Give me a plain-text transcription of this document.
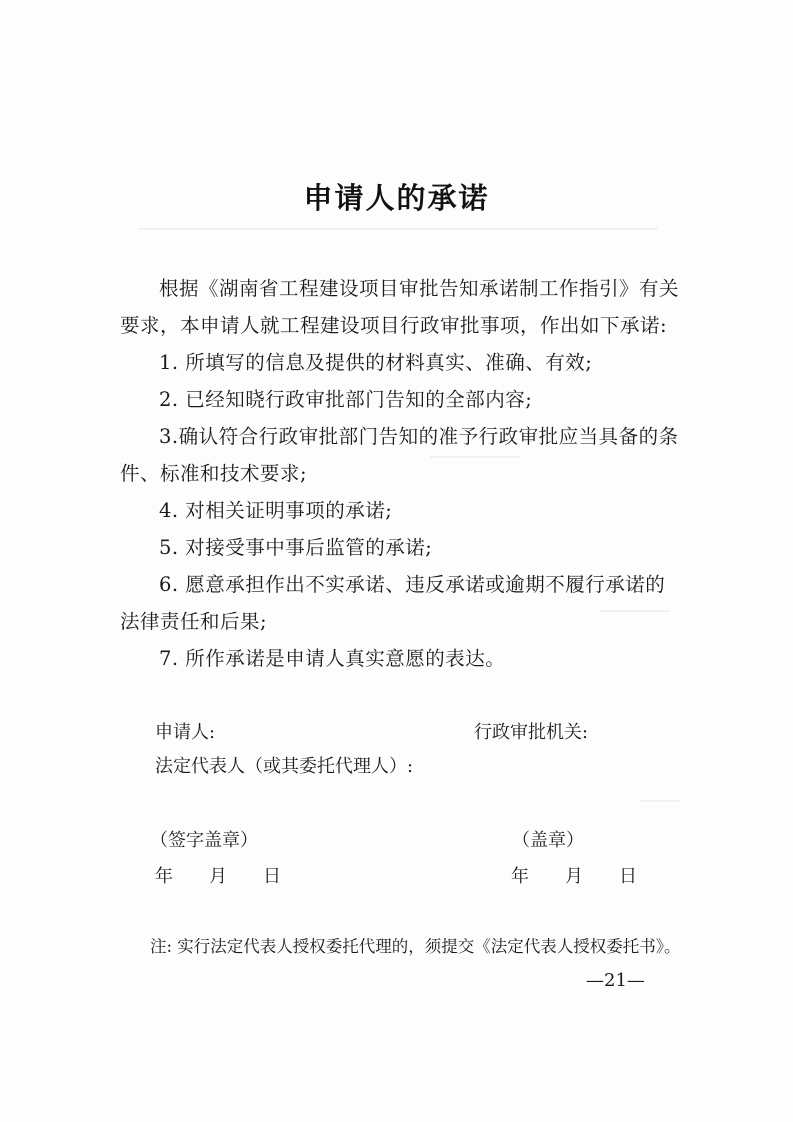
申请人的承诺
根据《湖南省工程建设项目审批告知承诺制工作指引》有关要求，本申请人就工程建设项目行政审批事项，作出如下承诺:
1. 所填写的信息及提供的材料真实、准确、有效;
2. 已经知晓行政审批部门告知的全部内容;
3.确认符合行政审批部门告知的准予行政审批应当具备的条件、标准和技术要求;
4. 对相关证明事项的承诺;
5. 对接受事中事后监管的承诺;
6. 愿意承担作出不实承诺、违反承诺或逾期不履行承诺的法律责任和后果;
7. 所作承诺是申请人真实意愿的表达。
申请人:	行政审批机关:
法定代表人（或其委托代理人）:
（签字盖章）	（盖章）
年　　月　　日	年　　月　　日
注: 实行法定代表人授权委托代理的，须提交《法定代表人授权委托书》。
—21—
